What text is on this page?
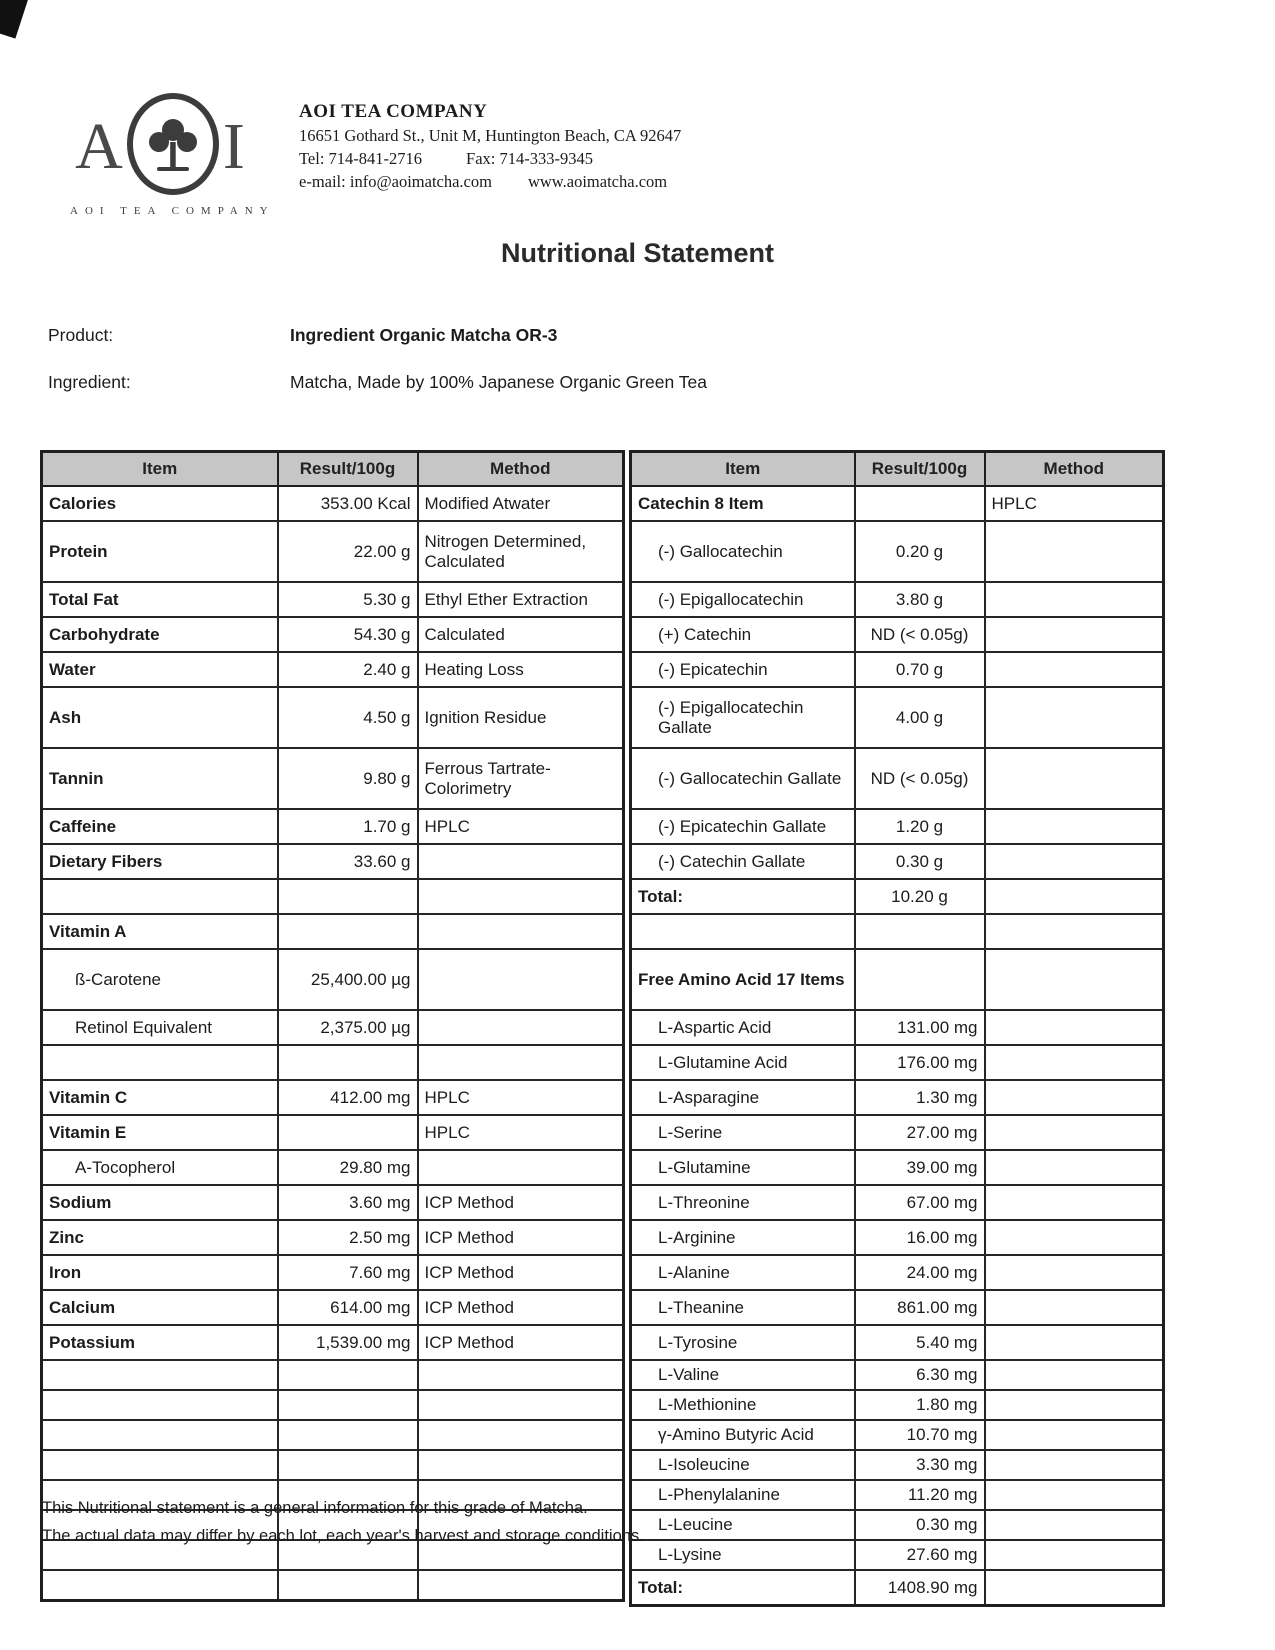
A I
AOI TEA COMPANY
AOI TEA COMPANY
16651 Gothard St., Unit M, Huntington Beach, CA 92647
Tel: 714-841-2716	Fax: 714-333-9345
e-mail: info@aoimatcha.com www.aoimatcha.com
Nutritional Statement
Product:	Ingredient Organic Matcha OR-3
Ingredient:	Matcha, Made by 100% Japanese Organic Green Tea
Item	Result/100g	Method
Calories	353.00 Kcal	Modified Atwater
Protein	22.00 g	Nitrogen Determined, Calculated
Total Fat	5.30 g	Ethyl Ether Extraction
Carbohydrate	54.30 g	Calculated
Water	2.40 g	Heating Loss
Ash	4.50 g	Ignition Residue
Tannin	9.80 g	Ferrous Tartrate-Colorimetry
Caffeine	1.70 g	HPLC
Dietary Fibers	33.60 g	

Vitamin A		
ß-Carotene	25,400.00 µg	
Retinol Equivalent	2,375.00 µg	

Vitamin C	412.00 mg	HPLC
Vitamin E		HPLC
A-Tocopherol	29.80 mg	
Sodium	3.60 mg	ICP Method
Zinc	2.50 mg	ICP Method
Iron	7.60 mg	ICP Method
Calcium	614.00 mg	ICP Method
Potassium	1,539.00 mg	ICP Method

Item	Result/100g	Method
Catechin 8 Item		HPLC
(-) Gallocatechin	0.20 g	
(-) Epigallocatechin	3.80 g	
(+) Catechin	ND (< 0.05g)	
(-) Epicatechin	0.70 g	
(-) Epigallocatechin Gallate	4.00 g	
(-) Gallocatechin Gallate	ND (< 0.05g)	
(-) Epicatechin Gallate	1.20 g	
(-) Catechin Gallate	0.30 g	
Total:	10.20 g	

Free Amino Acid 17 Items		
L-Aspartic Acid	131.00 mg	
L-Glutamine Acid	176.00 mg	
L-Asparagine	1.30 mg	
L-Serine	27.00 mg	
L-Glutamine	39.00 mg	
L-Threonine	67.00 mg	
L-Arginine	16.00 mg	
L-Alanine	24.00 mg	
L-Theanine	861.00 mg	
L-Tyrosine	5.40 mg	
L-Valine	6.30 mg	
L-Methionine	1.80 mg	
γ-Amino Butyric Acid	10.70 mg	
L-Isoleucine	3.30 mg	
L-Phenylalanine	11.20 mg	
L-Leucine	0.30 mg	
L-Lysine	27.60 mg	
Total:	1408.90 mg	
This Nutritional statement is a general information for this grade of Matcha.
The actual data may differ by each lot, each year's harvest and storage conditions.
